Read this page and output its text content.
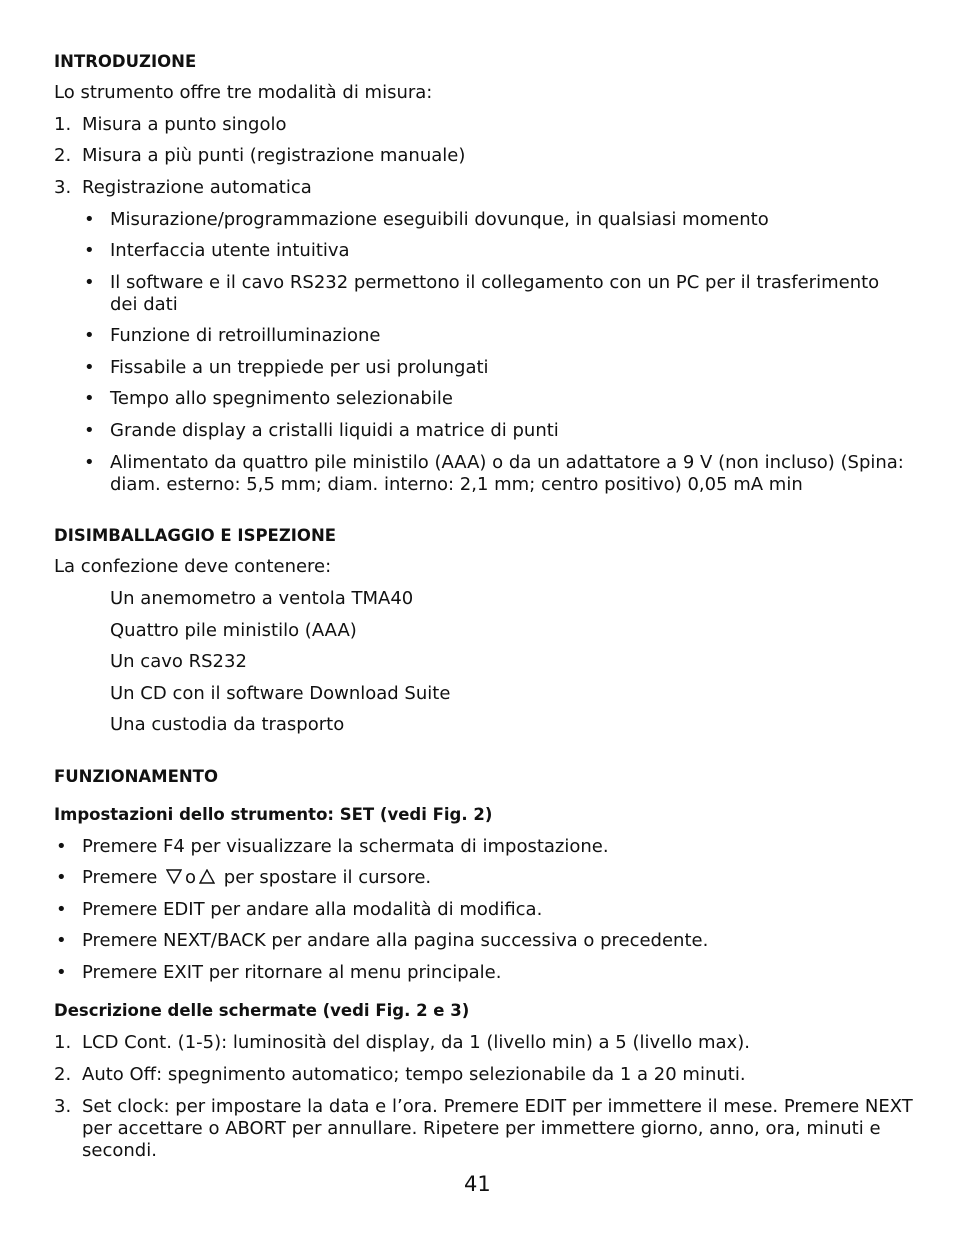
INTRODUZIONE
Lo strumento offre tre modalità di misura:
1. Misura a punto singolo
2. Misura a più punti (registrazione manuale)
3. Registrazione automatica
• Misurazione/programmazione eseguibili dovunque, in qualsiasi momento
• Interfaccia utente intuitiva
• Il software e il cavo RS232 permettono il collegamento con un PC per il trasferimento
dei dati
• Funzione di retroilluminazione
• Fissabile a un treppiede per usi prolungati
• Tempo allo spegnimento selezionabile
• Grande display a cristalli liquidi a matrice di punti
• Alimentato da quattro pile ministilo (AAA) o da un adattatore a 9 V (non incluso) (Spina:
diam. esterno: 5,5 mm; diam. interno: 2,1 mm; centro positivo) 0,05 mA min
DISIMBALLAGGIO E ISPEZIONE
La confezione deve contenere:
Un anemometro a ventola TMA40
Quattro pile ministilo (AAA)
Un cavo RS232
Un CD con il software Download Suite
Una custodia da trasporto
FUNZIONAMENTO
Impostazioni dello strumento: SET (vedi Fig. 2)
• Premere F4 per visualizzare la schermata di impostazione.
• Premere o per spostare il cursore.
• Premere EDIT per andare alla modalità di modifica.
• Premere NEXT/BACK per andare alla pagina successiva o precedente.
• Premere EXIT per ritornare al menu principale.
Descrizione delle schermate (vedi Fig. 2 e 3)
1. LCD Cont. (1-5): luminosità del display, da 1 (livello min) a 5 (livello max).
2. Auto Off: spegnimento automatico; tempo selezionabile da 1 a 20 minuti.
3. Set clock: per impostare la data e l’ora. Premere EDIT per immettere il mese. Premere NEXT
per accettare o ABORT per annullare. Ripetere per immettere giorno, anno, ora, minuti e
secondi.
41
